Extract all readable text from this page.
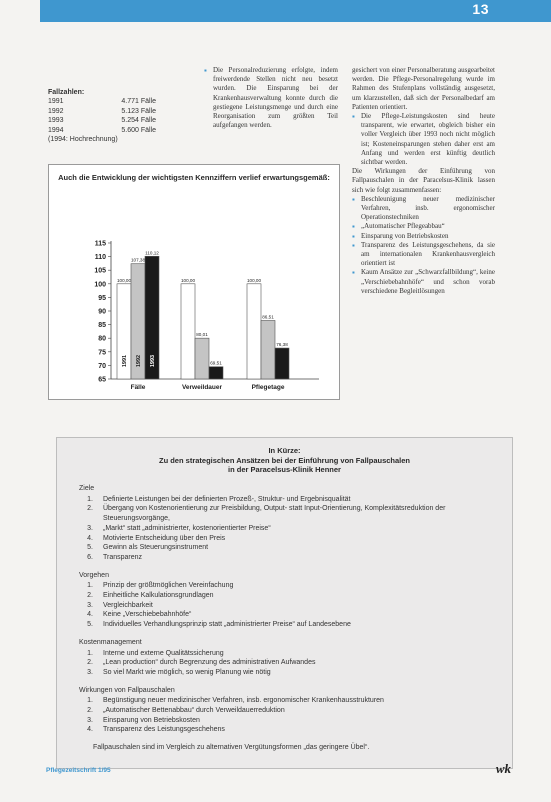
13
Fallzahlen:
1991	4.771 Fälle
1992	5.123 Fälle
1993	5.254 Fälle
1994	5.600 Fälle
(1994: Hochrechnung)

▪ Die Personalreduzierung erfolgte, indem freiwerdende Stellen nicht neu besetzt wurden. Die Einsparung bei der Krankenhausverwaltung konnte durch die gestiegene Leistungsmenge und durch eine Reorganisation zum größten Teil aufgefangen werden.

gesichert von einer Personalberatung ausgearbeitet werden. Die Pflege-Personalregelung wurde im Rahmen des Stufenplans vollständig ausgesetzt, um klarzustellen, daß sich der Personalbedarf am Patienten orientiert.

▪ Die Pflege-Leistungskosten sind heute transparent, wie erwartet, obgleich bisher ein voller Vergleich über 1993 noch nicht möglich ist; Kosteneinsparungen stehen daher erst am Anfang und werden erst künftig deutlich sichtbar werden.

Die Wirkungen der Einführung von Fallpauschalen in der Paracelsus-Klinik lassen sich wie folgt zusammenfassen:

▪ Beschleunigung neuer medizinischer Verfahren, insb. ergonomischer Operationstechniken

▪ „Automatischer Pflegeabbau“

▪ Einsparung von Betriebskosten

▪ Transparenz des Leistungsgeschehens, da sie am internationalen Krankenhausvergleich orientiert ist

▪ Kaum Ansätze zur „Schwarzfallbildung“, keine „Verschiebebahnhöfe“ und schon vorab verschiedene Begleitlösungen

Auch die Entwicklung der wichtigsten Kennziffern verlief erwartungsgemäß:
65
70
75
80
85
90
95
100
105
110
115
100,00
1991
107,38
1992
110,12
1993
Fälle
100,00
80,01
69,51
Verweildauer
100,00
86,51
76,38
Pflegetage
In Kürze:
Zu den strategischen Ansätzen bei der Einführung von Fallpauschalen
in der Paracelsus-Klinik Henner
Ziele
1. Definierte Leistungen bei der definierten Prozeß-, Struktur- und Ergebnisqualität
2. Übergang von Kostenorientierung zur Preisbildung, Output- statt Input-Orientierung, Komplexitätsreduktion der Steuerungsvorgänge,
3. „Markt“ statt „administrierter, kostenorientierter Preise“
4. Motivierte Entscheidung über den Preis
5. Gewinn als Steuerungsinstrument
6. Transparenz
Vorgehen
1. Prinzip der größtmöglichen Vereinfachung
2. Einheitliche Kalkulationsgrundlagen
3. Vergleichbarkeit
4. Keine „Verschiebebahnhöfe“
5. Individuelles Verhandlungsprinzip statt „administrierter Preise“ auf Landesebene
Kostenmanagement
1. Interne und externe Qualitätssicherung
2. „Lean production“ durch Begrenzung des administrativen Aufwandes
3. So viel Markt wie möglich, so wenig Planung wie nötig
Wirkungen von Fallpauschalen
1. Begünstigung neuer medizinischer Verfahren, insb. ergonomischer Krankenhausstrukturen
2. „Automatischer Bettenabbau“ durch Verweildauerreduktion
3. Einsparung von Betriebskosten
4. Transparenz des Leistungsgeschehens
Fallpauschalen sind im Vergleich zu alternativen Vergütungsformen „das geringere Übel“.
Pflegezeitschrift 1/95	wk
